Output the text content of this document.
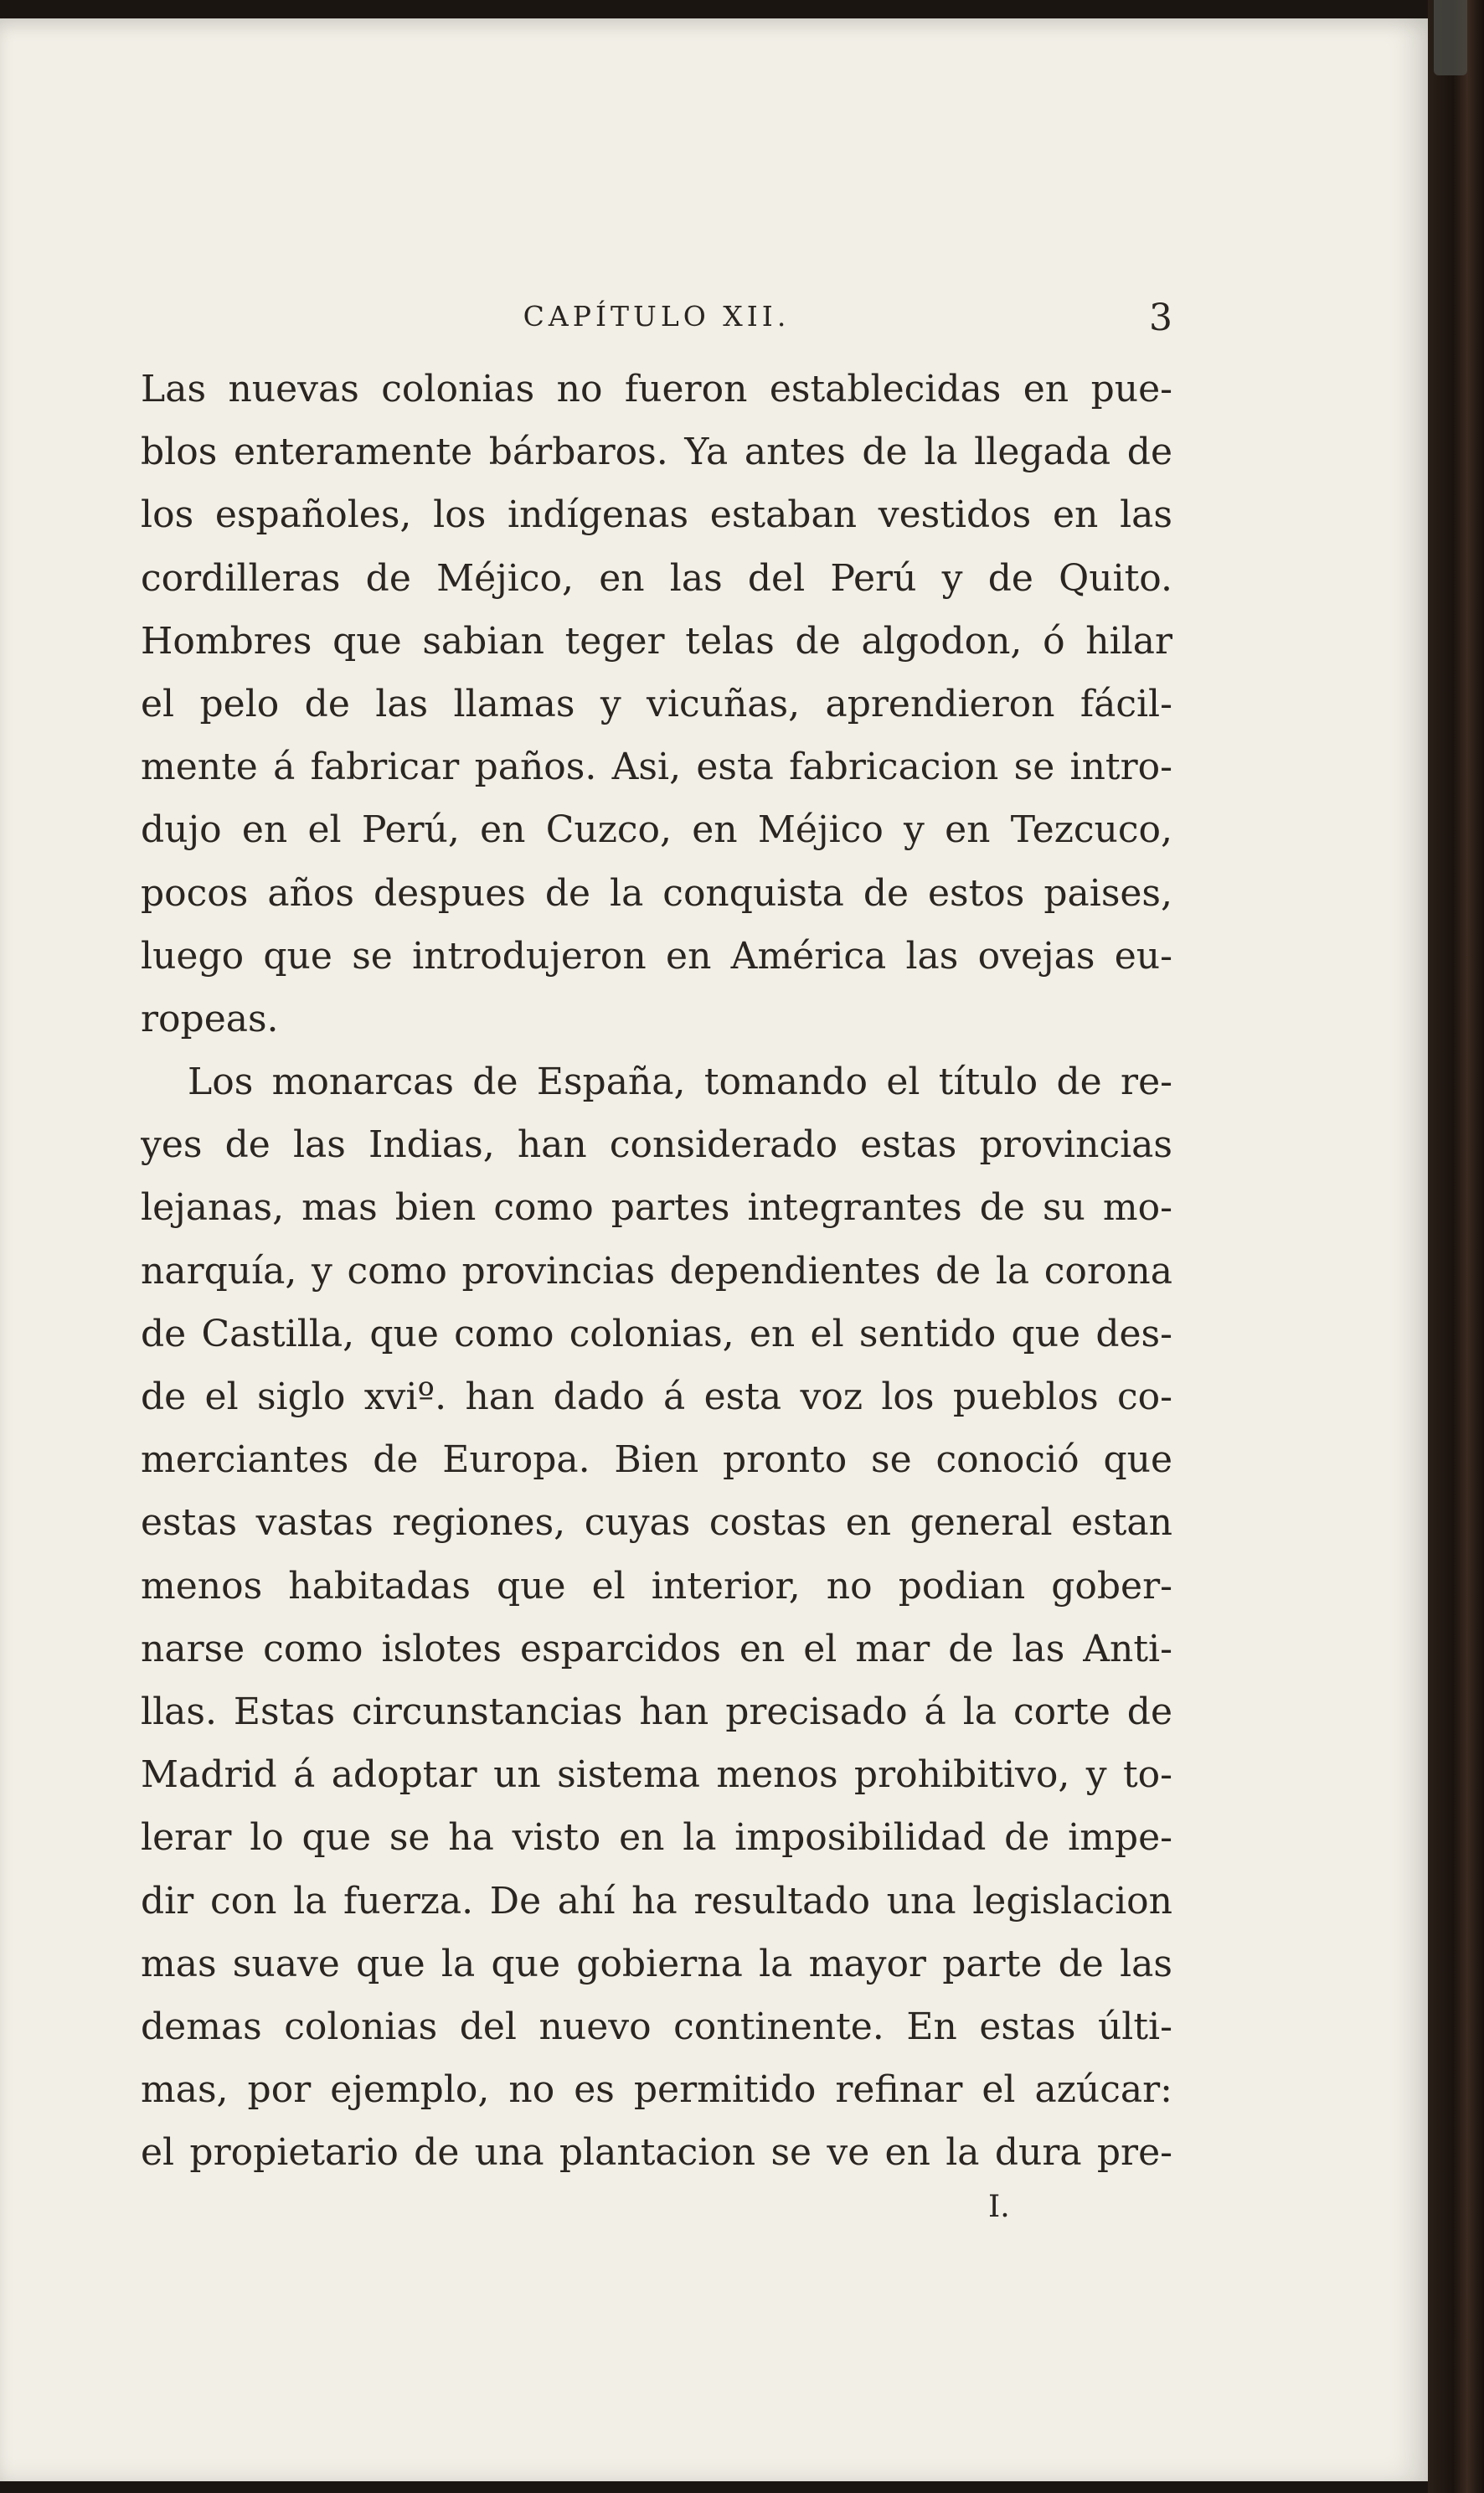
CAPÍTULO XII.	3
Las nuevas colonias no fueron establecidas en pue-
blos enteramente bárbaros. Ya antes de la llegada de
los españoles, los indígenas estaban vestidos en las
cordilleras de Méjico, en las del Perú y de Quito.
Hombres que sabian teger telas de algodon, ó hilar
el pelo de las llamas y vicuñas, aprendieron fácil-
mente á fabricar paños. Asi, esta fabricacion se intro-
dujo en el Perú, en Cuzco, en Méjico y en Tezcuco,
pocos años despues de la conquista de estos paises,
luego que se introdujeron en América las ovejas eu-
ropeas.
Los monarcas de España, tomando el título de re-
yes de las Indias, han considerado estas provincias
lejanas, mas bien como partes integrantes de su mo-
narquía, y como provincias dependientes de la corona
de Castilla, que como colonias, en el sentido que des-
de el siglo xviº. han dado á esta voz los pueblos co-
merciantes de Europa. Bien pronto se conoció que
estas vastas regiones, cuyas costas en general estan
menos habitadas que el interior, no podian gober-
narse como islotes esparcidos en el mar de las Anti-
llas. Estas circunstancias han precisado á la corte de
Madrid á adoptar un sistema menos prohibitivo, y to-
lerar lo que se ha visto en la imposibilidad de impe-
dir con la fuerza. De ahí ha resultado una legislacion
mas suave que la que gobierna la mayor parte de las
demas colonias del nuevo continente. En estas últi-
mas, por ejemplo, no es permitido refinar el azúcar:
el propietario de una plantacion se ve en la dura pre-
I.
